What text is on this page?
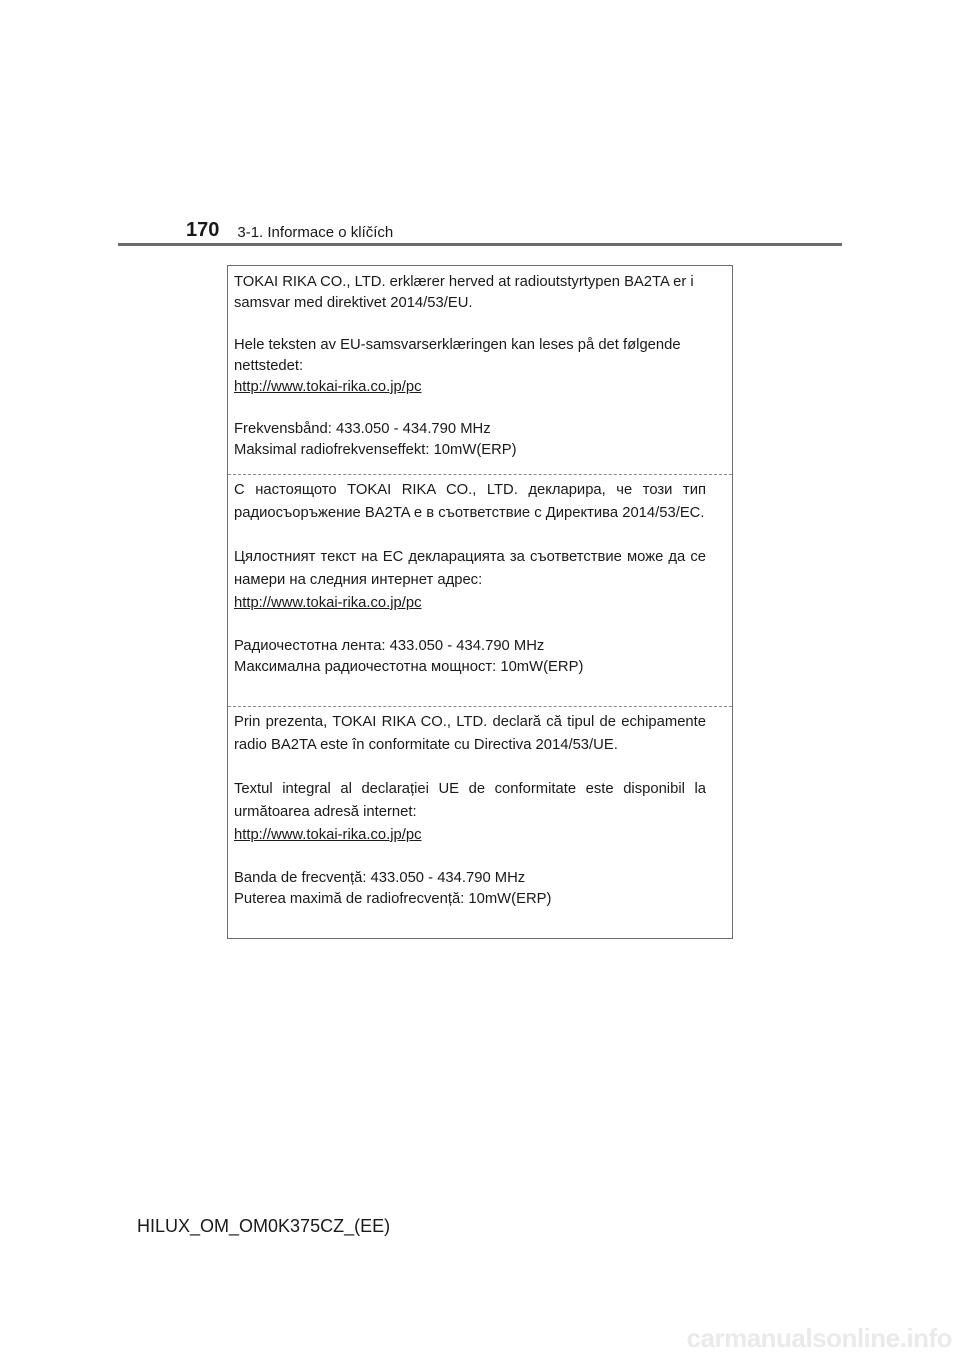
170 3-1. Informace o klíčích

TOKAI RIKA CO., LTD. erklærer herved at radioutstyrtypen BA2TA er i samsvar med direktivet 2014/53/EU.

Hele teksten av EU-samsvarserklæringen kan leses på det følgende nettstedet:

http://www.tokai-rika.co.jp/pc
Frekvensbånd: 433.050 - 434.790 MHz
Maksimal radiofrekvenseffekt: 10mW(ERP)

С настоящото TOKAI RIKA CO., LTD. декларира, че този тип радиосъоръжение BA2TA е в съответствие с Директива 2014/53/ЕС.

Цялостният текст на ЕС декларацията за съответствие може да се намери на следния интернет адрес:

http://www.tokai-rika.co.jp/pc
Радиочестотна лента: 433.050 - 434.790 MHz
Максимална радиочестотна мощност: 10mW(ERP)

Prin prezenta, TOKAI RIKA CO., LTD. declară că tipul de echipamente radio BA2TA este în conformitate cu Directiva 2014/53/UE.

Textul integral al declarației UE de conformitate este disponibil la următoarea adresă internet:

http://www.tokai-rika.co.jp/pc
Banda de frecvență: 433.050 - 434.790 MHz
Puterea maximă de radiofrecvență: 10mW(ERP)
HILUX_OM_OM0K375CZ_(EE)
carmanualsonline.info
